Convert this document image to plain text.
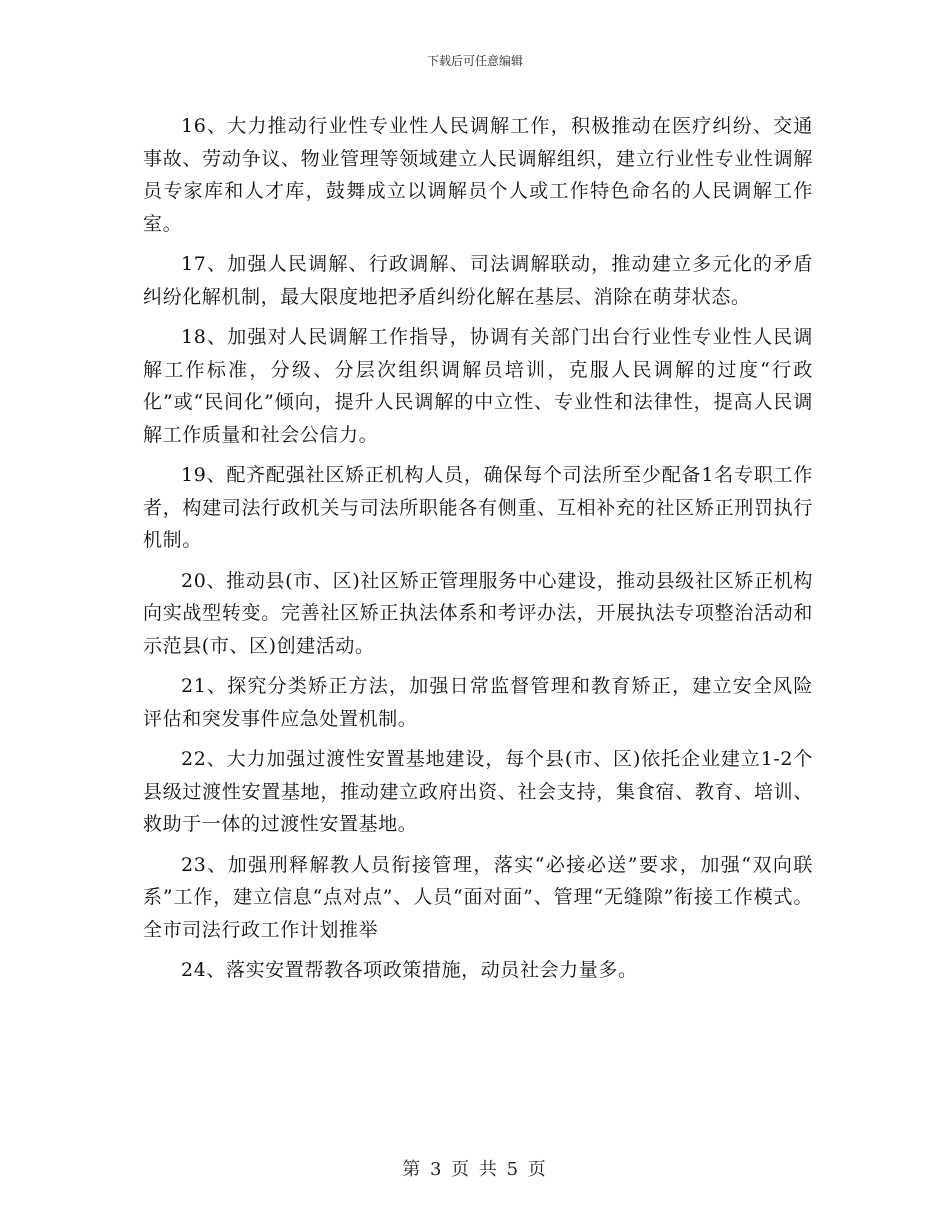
下载后可任意编辑

16、大力推动行业性专业性人民调解工作，积极推动在医疗纠纷、交通事故、劳动争议、物业管理等领域建立人民调解组织，建立行业性专业性调解员专家库和人才库，鼓舞成立以调解员个人或工作特色命名的人民调解工作室。

17、加强人民调解、行政调解、司法调解联动，推动建立多元化的矛盾纠纷化解机制，最大限度地把矛盾纠纷化解在基层、消除在萌芽状态。

18、加强对人民调解工作指导，协调有关部门出台行业性专业性人民调解工作标准，分级、分层次组织调解员培训，克服人民调解的过度“行政化”或“民间化”倾向，提升人民调解的中立性、专业性和法律性，提高人民调解工作质量和社会公信力。

19、配齐配强社区矫正机构人员，确保每个司法所至少配备1名专职工作者，构建司法行政机关与司法所职能各有侧重、互相补充的社区矫正刑罚执行机制。

20、推动县(市、区)社区矫正管理服务中心建设，推动县级社区矫正机构向实战型转变。完善社区矫正执法体系和考评办法，开展执法专项整治活动和示范县(市、区)创建活动。

21、探究分类矫正方法，加强日常监督管理和教育矫正，建立安全风险评估和突发事件应急处置机制。

22、大力加强过渡性安置基地建设，每个县(市、区)依托企业建立1-2个县级过渡性安置基地，推动建立政府出资、社会支持，集食宿、教育、培训、救助于一体的过渡性安置基地。

23、加强刑释解教人员衔接管理，落实“必接必送”要求，加强“双向联系”工作，建立信息“点对点”、人员“面对面”、管理“无缝隙”衔接工作模式。全市司法行政工作计划推举

24、落实安置帮教各项政策措施，动员社会力量多。

第 3 页 共 5 页
